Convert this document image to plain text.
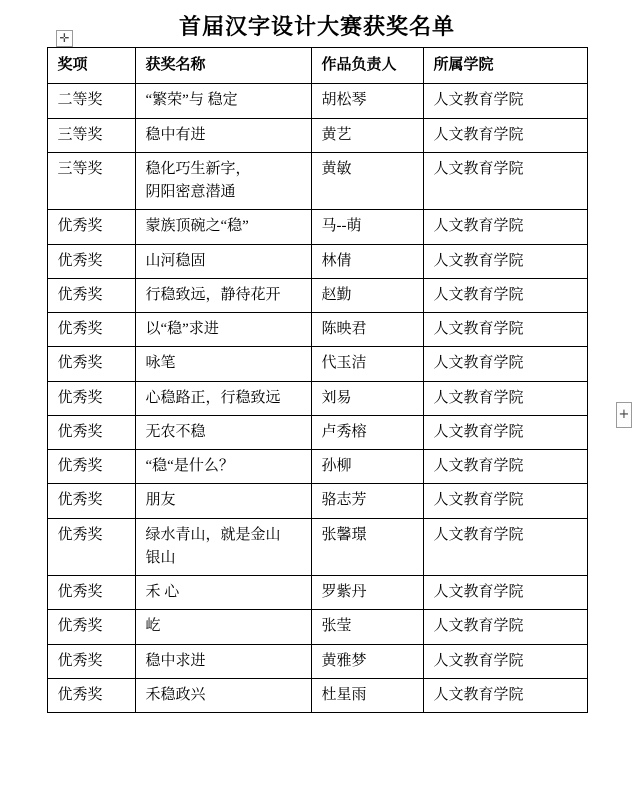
首届汉字设计大赛获奖名单
✛
+
奖项	获奖名称	作品负责人	所属学院
二等奖	“繁荣”与 稳定	胡松琴	人文教育学院
三等奖	稳中有进	黄艺	人文教育学院
三等奖	稳化巧生新字，
阴阳密意潜通	黄敏	人文教育学院
优秀奖	蒙族顶碗之“稳”	马--萌	人文教育学院
优秀奖	山河稳固	林倩	人文教育学院
优秀奖	行稳致远，静待花开	赵勤	人文教育学院
优秀奖	以“稳”求进	陈映君	人文教育学院
优秀奖	咏笔	代玉洁	人文教育学院
优秀奖	心稳路正，行稳致远	刘易	人文教育学院
优秀奖	无农不稳	卢秀榕	人文教育学院
优秀奖	“稳“是什么？	孙柳	人文教育学院
优秀奖	朋友	骆志芳	人文教育学院
优秀奖	绿水青山，就是金山
银山	张馨璟	人文教育学院
优秀奖	禾 心	罗紫丹	人文教育学院
优秀奖	屹	张莹	人文教育学院
优秀奖	稳中求进	黄雅梦	人文教育学院
优秀奖	禾稳政兴	杜星雨	人文教育学院
